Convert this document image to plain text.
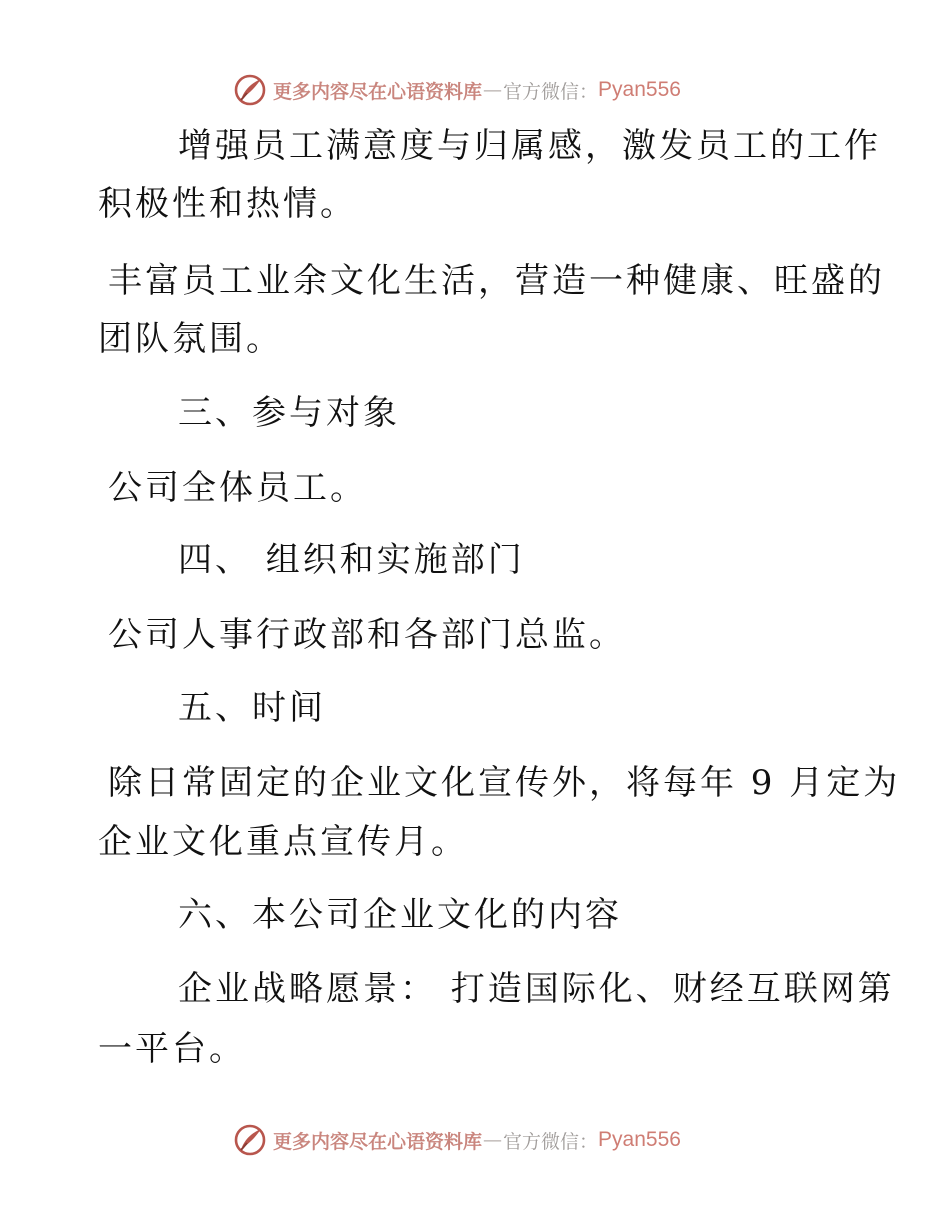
更多内容尽在心语资料库 — 官方微信： Pyan556
增强员工满意度与归属感，激发员工的工作
积极性和热情。
丰富员工业余文化生活，营造一种健康、旺盛的
团队氛围。
三、参与对象
公司全体员工。
四、 组织和实施部门
公司人事行政部和各部门总监。
五、时间
除日常固定的企业文化宣传外，将每年 9 月定为
企业文化重点宣传月。
六、本公司企业文化的内容
企业战略愿景： 打造国际化、财经互联网第
一平台。
更多内容尽在心语资料库 — 官方微信： Pyan556
